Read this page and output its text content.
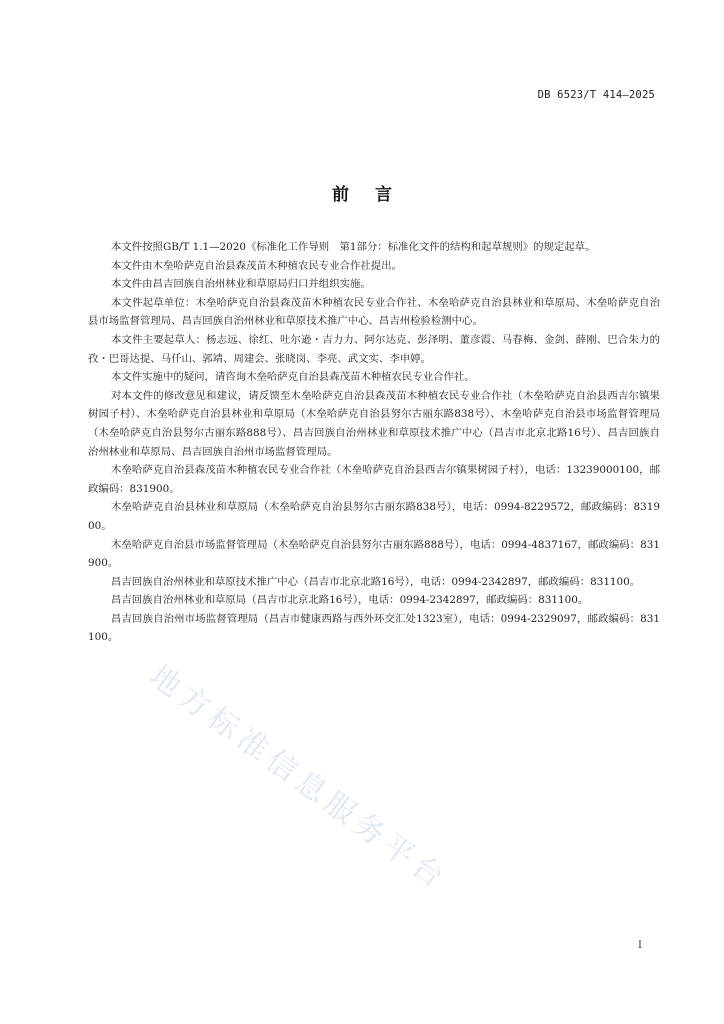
DB 6523/T 414—2025
前言

本文件按照GB/T 1.1—2020《标准化工作导则　第1部分：标准化文件的结构和起草规则》的规定起草。

本文件由木垒哈萨克自治县森茂苗木种植农民专业合作社提出。

本文件由昌吉回族自治州林业和草原局归口并组织实施。

本文件起草单位：木垒哈萨克自治县森茂苗木种植农民专业合作社、木垒哈萨克自治县林业和草原局、木垒哈萨克自治县市场监督管理局、昌吉回族自治州林业和草原技术推广中心、昌吉州检验检测中心。

本文件主要起草人：杨志远、徐红、吐尔逊・吉力力、阿尔达克、彭泽明、董彦霞、马春梅、金剑、薛刚、巴合朱力的孜・巴哥达提、马仟山、郭靖、周建会、张晓岗、李亮、武文实、李申婷。

本文件实施中的疑问，请咨询木垒哈萨克自治县森茂苗木种植农民专业合作社。

对本文件的修改意见和建议，请反馈至木垒哈萨克自治县森茂苗木种植农民专业合作社（木垒哈萨克自治县西吉尔镇果树园子村）、木垒哈萨克自治县林业和草原局（木垒哈萨克自治县努尔古丽东路838号）、木垒哈萨克自治县市场监督管理局（木垒哈萨克自治县努尔古丽东路888号）、昌吉回族自治州林业和草原技术推广中心（昌吉市北京北路16号）、昌吉回族自治州林业和草原局、昌吉回族自治州市场监督管理局。

木垒哈萨克自治县森茂苗木种植农民专业合作社（木垒哈萨克自治县西吉尔镇果树园子村），电话：13239000100，邮政编码：831900。

木垒哈萨克自治县林业和草原局（木垒哈萨克自治县努尔古丽东路838号），电话：0994-8229572，邮政编码：831900。

木垒哈萨克自治县市场监督管理局（木垒哈萨克自治县努尔古丽东路888号），电话：0994-4837167，邮政编码：831900。

昌吉回族自治州林业和草原技术推广中心（昌吉市北京北路16号），电话：0994-2342897，邮政编码：831100。

昌吉回族自治州林业和草原局（昌吉市北京北路16号），电话：0994-2342897，邮政编码：831100。

昌吉回族自治州市场监督管理局（昌吉市健康西路与西外环交汇处1323室），电话：0994-2329097，邮政编码：831100。

地方标准信息服务平台
I
